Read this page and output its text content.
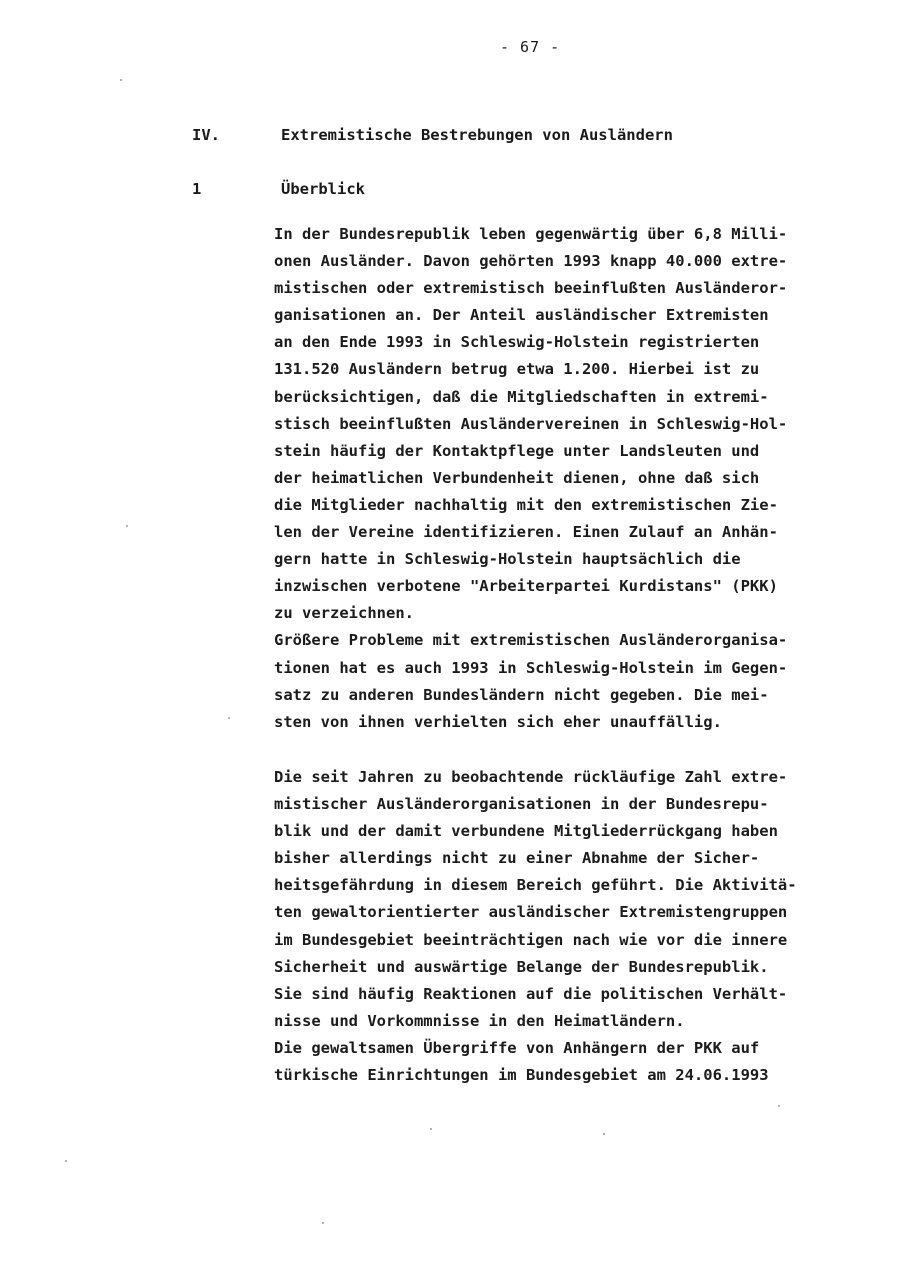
- 67 -
IV.	Extremistische Bestrebungen von Ausländern
1	Überblick
In der Bundesrepublik leben gegenwärtig über 6,8 Milli-
onen Ausländer. Davon gehörten 1993 knapp 40.000 extre-
mistischen oder extremistisch beeinflußten Ausländeror-
ganisationen an. Der Anteil ausländischer Extremisten
an den Ende 1993 in Schleswig-Holstein registrierten
131.520 Ausländern betrug etwa 1.200. Hierbei ist zu
berücksichtigen, daß die Mitgliedschaften in extremi-
stisch beeinflußten Ausländervereinen in Schleswig-Hol-
stein häufig der Kontaktpflege unter Landsleuten und
der heimatlichen Verbundenheit dienen, ohne daß sich
die Mitglieder nachhaltig mit den extremistischen Zie-
len der Vereine identifizieren. Einen Zulauf an Anhän-
gern hatte in Schleswig-Holstein hauptsächlich die
inzwischen verbotene "Arbeiterpartei Kurdistans" (PKK)
zu verzeichnen.
Größere Probleme mit extremistischen Ausländerorganisa-
tionen hat es auch 1993 in Schleswig-Holstein im Gegen-
satz zu anderen Bundesländern nicht gegeben. Die mei-
sten von ihnen verhielten sich eher unauffällig.
Die seit Jahren zu beobachtende rückläufige Zahl extre-
mistischer Ausländerorganisationen in der Bundesrepu-
blik und der damit verbundene Mitgliederrückgang haben
bisher allerdings nicht zu einer Abnahme der Sicher-
heitsgefährdung in diesem Bereich geführt. Die Aktivitä-
ten gewaltorientierter ausländischer Extremistengruppen
im Bundesgebiet beeinträchtigen nach wie vor die innere
Sicherheit und auswärtige Belange der Bundesrepublik.
Sie sind häufig Reaktionen auf die politischen Verhält-
nisse und Vorkommnisse in den Heimatländern.
Die gewaltsamen Übergriffe von Anhängern der PKK auf
türkische Einrichtungen im Bundesgebiet am 24.06.1993
